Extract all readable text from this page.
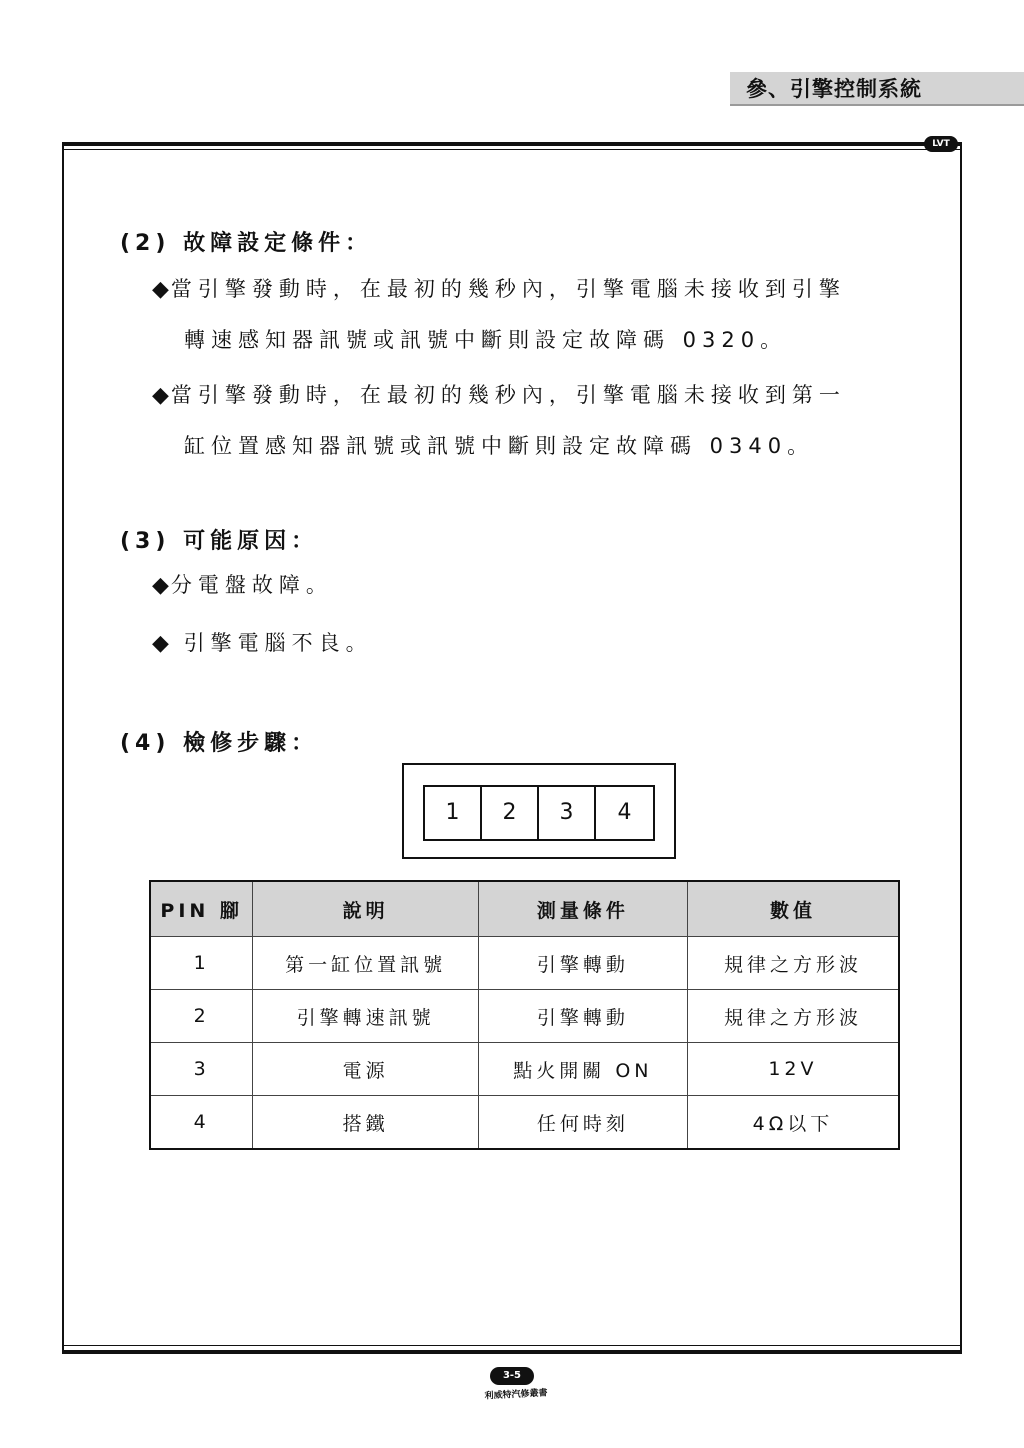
參、引擎控制系統
LVT
(2) 故障設定條件：
◆當引擎發動時，在最初的幾秒內，引擎電腦未接收到引擎
轉速感知器訊號或訊號中斷則設定故障碼 0320。
◆當引擎發動時，在最初的幾秒內，引擎電腦未接收到第一
缸位置感知器訊號或訊號中斷則設定故障碼 0340。
(3) 可能原因：
◆分電盤故障。
◆ 引擎電腦不良。
(4) 檢修步驟：
1	2	3	4
PIN 腳	說明	測量條件	數值
1	第一缸位置訊號	引擎轉動	規律之方形波
2	引擎轉速訊號	引擎轉動	規律之方形波
3	電源	點火開關 ON	12V
4	搭鐵	任何時刻	4Ω以下
3-5
利威特汽修叢書
